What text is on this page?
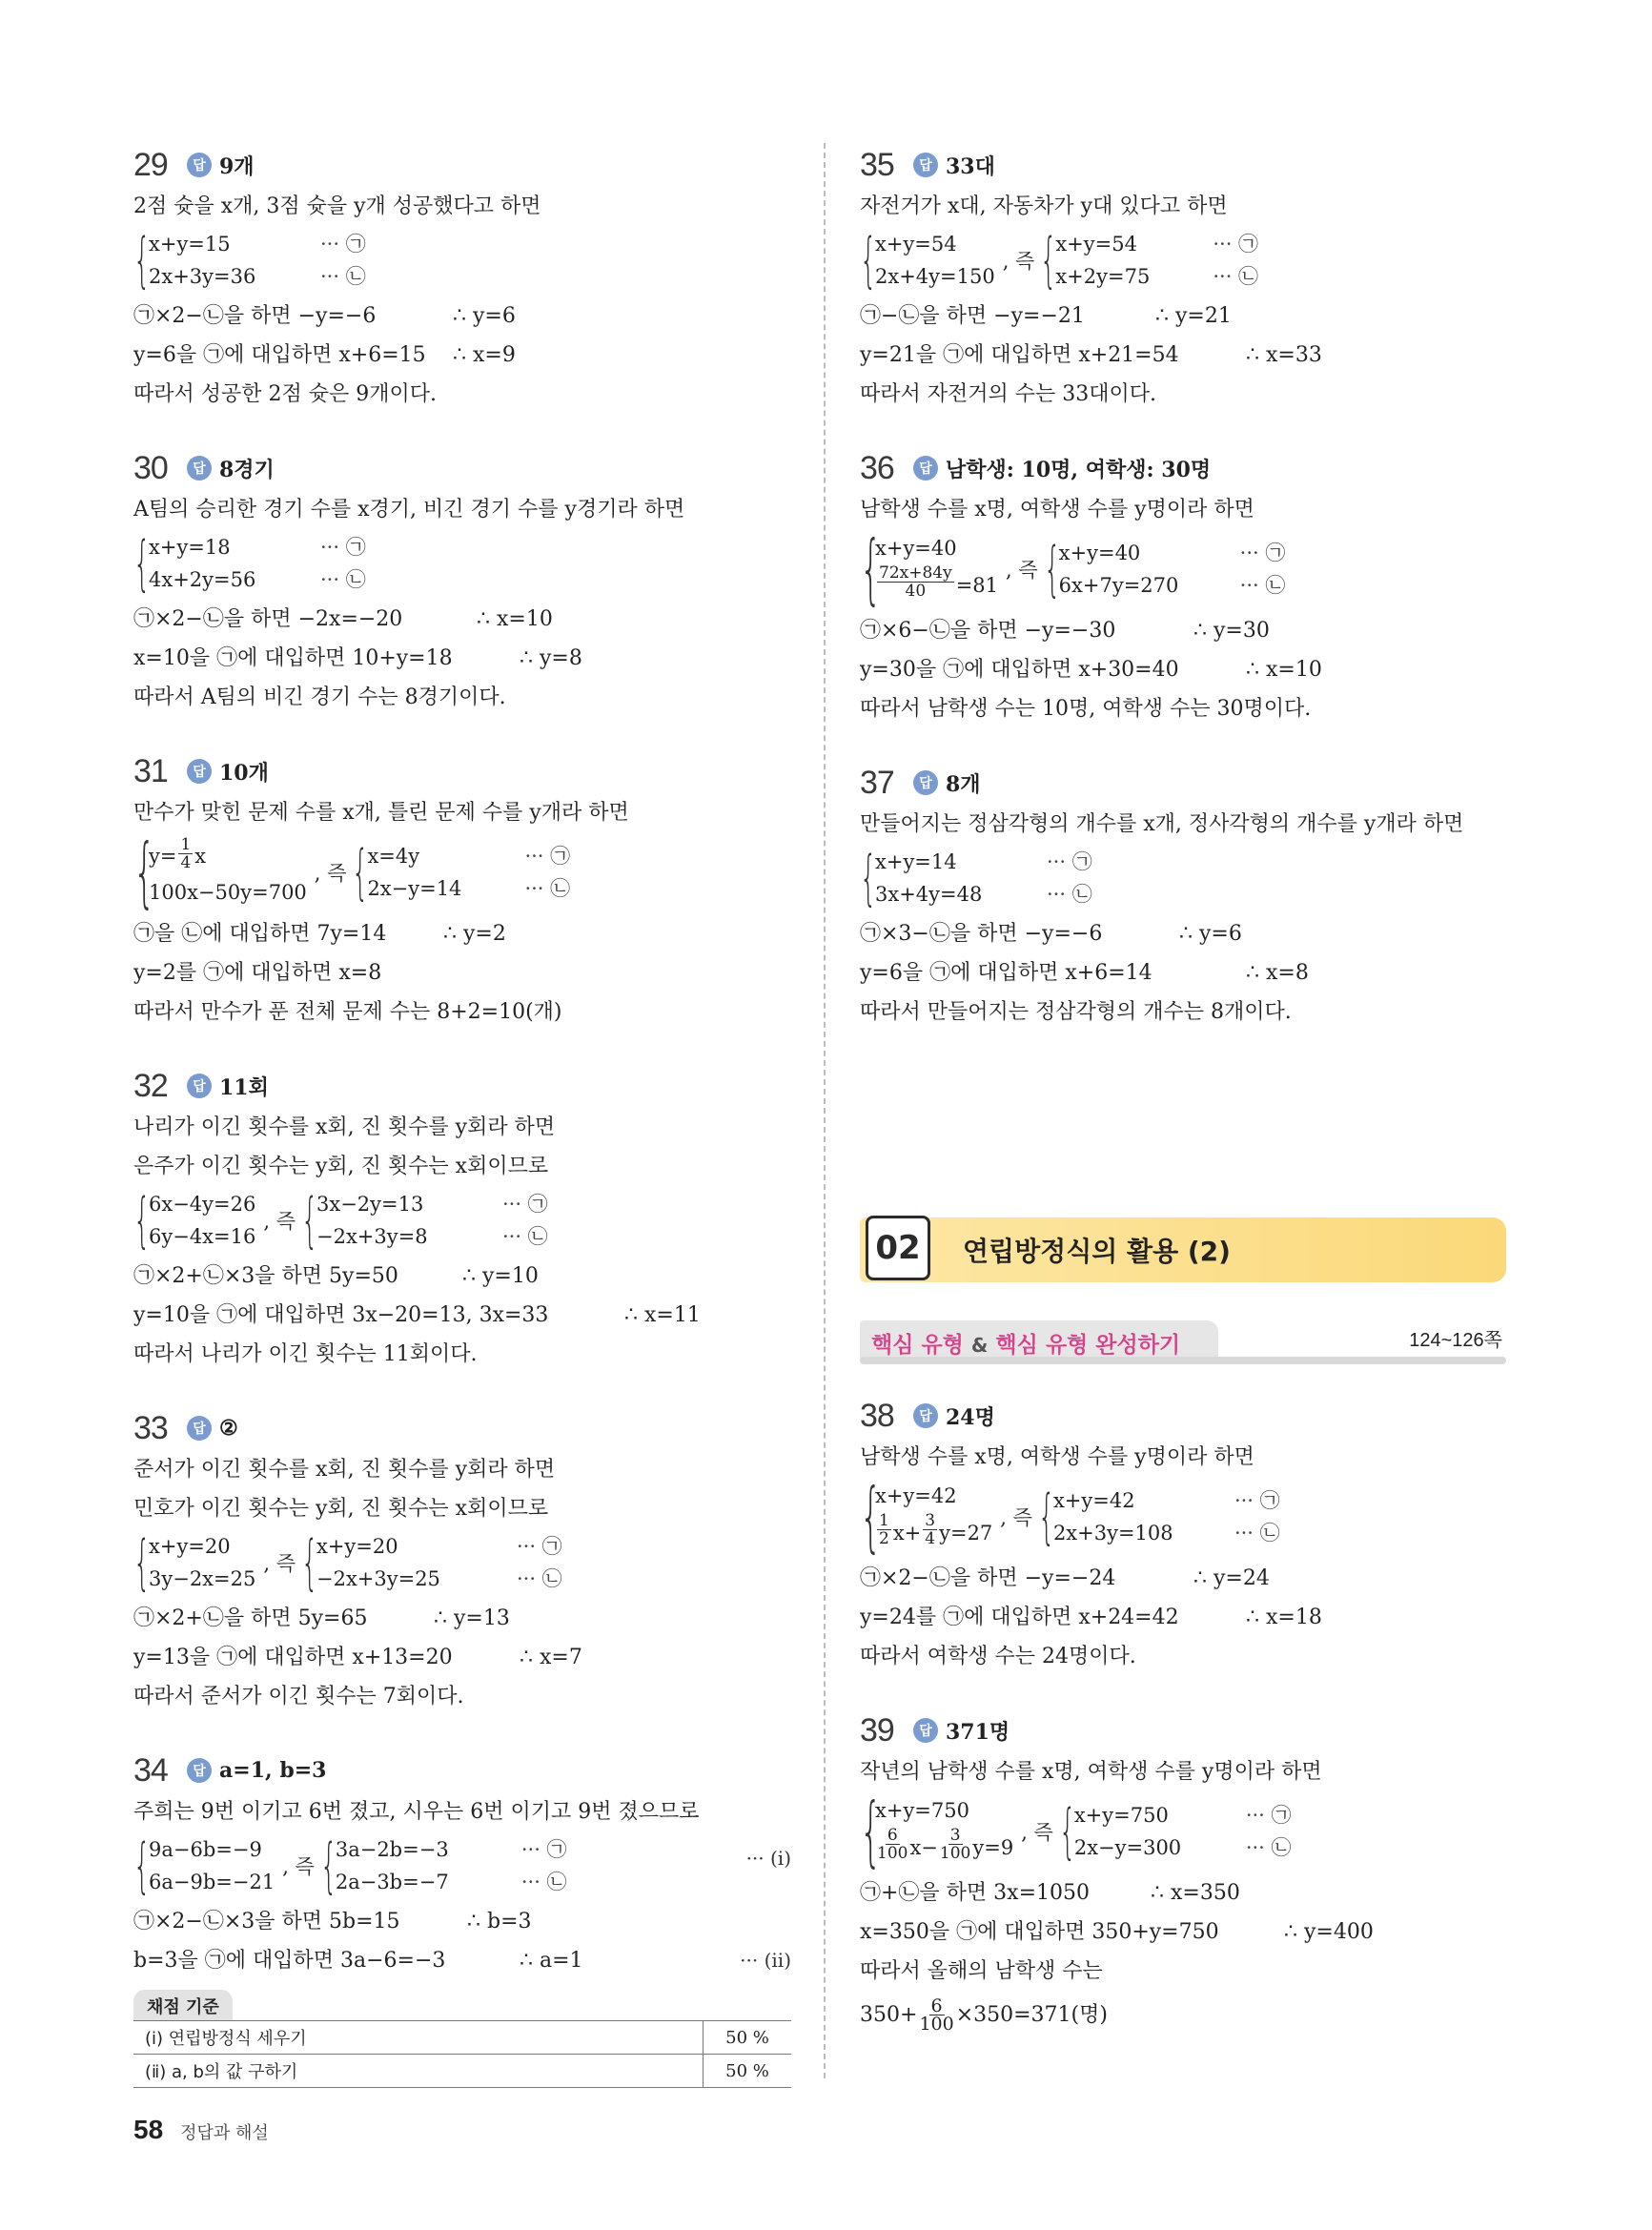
29	답 9개
2점 슛을 x개, 3점 슛을 y개 성공했다고 하면
{
x+y=15	··· ㉠
2x+3y=36	··· ㉡
㉠×2−㉡을 하면 −y=−6	∴ y=6
y=6을 ㉠에 대입하면 x+6=15 ∴ x=9
따라서 성공한 2점 슛은 9개이다.
30	답 8경기
A팀의 승리한 경기 수를 x경기, 비긴 경기 수를 y경기라 하면
{
x+y=18	··· ㉠
4x+2y=56	··· ㉡
㉠×2−㉡을 하면 −2x=−20	∴ x=10
x=10을 ㉠에 대입하면 10+y=18	∴ y=8
따라서 A팀의 비긴 경기 수는 8경기이다.
31	답 10개
만수가 맞힌 문제 수를 x개, 틀린 문제 수를 y개라 하면
{
$y= \frac{1}{4}$ x
100x−50y=700
, 즉 {
x=4y	··· ㉠
2x−y=14	··· ㉡
㉠을 ㉡에 대입하면 7y=14	∴ y=2
y=2를 ㉠에 대입하면 x=8
따라서 만수가 푼 전체 문제 수는 8+2=10(개)
32	답 11회
나리가 이긴 횟수를 x회, 진 횟수를 y회라 하면
은주가 이긴 횟수는 y회, 진 횟수는 x회이므로
{
6x−4y=26
6y−4x=16
, 즉 {
3x−2y=13	··· ㉠
−2x+3y=8	··· ㉡
㉠×2+㉡×3을 하면 5y=50	∴ y=10
y=10을 ㉠에 대입하면 3x−20=13, 3x=33	∴ x=11
따라서 나리가 이긴 횟수는 11회이다.
33	답 ②
준서가 이긴 횟수를 x회, 진 횟수를 y회라 하면
민호가 이긴 횟수는 y회, 진 횟수는 x회이므로
{
x+y=20
3y−2x=25
, 즉 {
x+y=20	··· ㉠
−2x+3y=25	··· ㉡
㉠×2+㉡을 하면 5y=65	∴ y=13
y=13을 ㉠에 대입하면 x+13=20	∴ x=7
따라서 준서가 이긴 횟수는 7회이다.
34	답 a=1, b=3
주희는 9번 이기고 6번 졌고, 시우는 6번 이기고 9번 졌으므로
{
9a−6b=−9
6a−9b=−21
, 즉 {
3a−2b=−3	··· ㉠
2a−3b=−7	··· ㉡
··· (ⅰ)
㉠×2−㉡×3을 하면 5b=15	∴ b=3
b=3을 ㉠에 대입하면 3a−6=−3	∴ a=1	··· (ⅱ)
채점 기준
(ⅰ) 연립방정식 세우기	50 %
(ⅱ) a, b의 값 구하기	50 %
35	답 33대
자전거가 x대, 자동차가 y대 있다고 하면
{
x+y=54
2x+4y=150
, 즉 {
x+y=54	··· ㉠
x+2y=75	··· ㉡
㉠−㉡을 하면 −y=−21	∴ y=21
y=21을 ㉠에 대입하면 x+21=54	∴ x=33
따라서 자전거의 수는 33대이다.
36	답 남학생: 10명, 여학생: 30명
남학생 수를 x명, 여학생 수를 y명이라 하면
{
x+y=40
$\frac{72x+84y}{40} =81$
, 즉 {
x+y=40	··· ㉠
6x+7y=270	··· ㉡
㉠×6−㉡을 하면 −y=−30	∴ y=30
y=30을 ㉠에 대입하면 x+30=40	∴ x=10
따라서 남학생 수는 10명, 여학생 수는 30명이다.
37	답 8개
만들어지는 정삼각형의 개수를 x개, 정사각형의 개수를 y개라 하면
{
x+y=14	··· ㉠
3x+4y=48	··· ㉡
㉠×3−㉡을 하면 −y=−6	∴ y=6
y=6을 ㉠에 대입하면 x+6=14	∴ x=8
따라서 만들어지는 정삼각형의 개수는 8개이다.
02	연립방정식의 활용 (2)
핵심 유형 & 핵심 유형 완성하기	124~126쪽
38	답 24명
남학생 수를 x명, 여학생 수를 y명이라 하면
{
x+y=42
$\frac{1}{2} x+ \frac{3}{4} y=27$
, 즉 {
x+y=42	··· ㉠
2x+3y=108	··· ㉡
㉠×2−㉡을 하면 −y=−24	∴ y=24
y=24를 ㉠에 대입하면 x+24=42	∴ x=18
따라서 여학생 수는 24명이다.
39	답 371명
작년의 남학생 수를 x명, 여학생 수를 y명이라 하면
{
x+y=750
$\frac{6}{100} x- \frac{3}{100} y=9$
, 즉 {
x+y=750	··· ㉠
2x−y=300	··· ㉡
㉠+㉡을 하면 3x=1050	∴ x=350
x=350을 ㉠에 대입하면 350+y=750	∴ y=400
따라서 올해의 남학생 수는
$350+ \frac{6}{100} \times 350=371$(명)
58 정답과 해설
